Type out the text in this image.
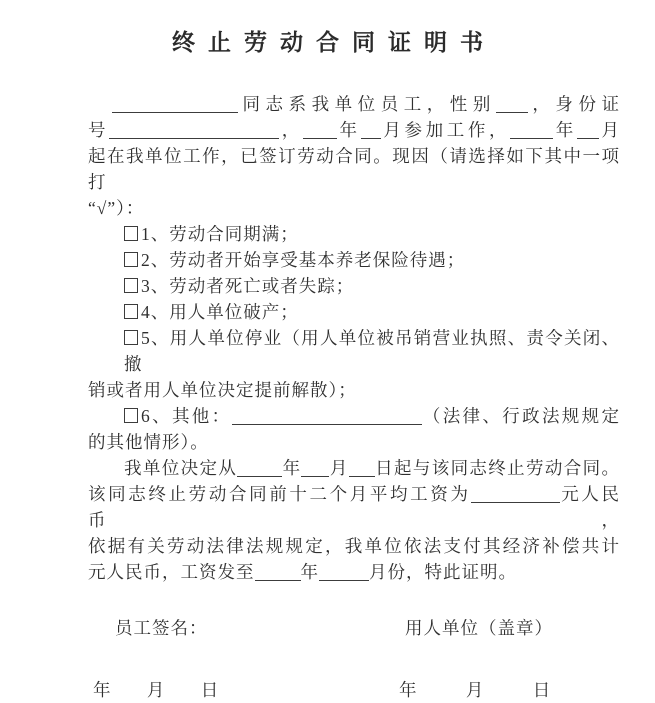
终止劳动合同证明书
同志系我单位员工，性别 ，身份证
号	， 年 月参加工作， 年 月
起在我单位工作，已签订劳动合同。现因（请选择如下其中一项打
“√”）：
1、劳动合同期满；
2、劳动者开始享受基本养老保险待遇；
3、劳动者死亡或者失踪；
4、用人单位破产；
5、用人单位停业（用人单位被吊销营业执照、责令关闭、撤
销或者用人单位决定提前解散）；
6、其他：	（法律、行政法规规定
的其他情形）。
我单位决定从	年 月 日起与该同志终止劳动合同。
该同志终止劳动合同前十二个月平均工资为	元人民币，
依据有关劳动法律法规规定，我单位依法支付其经济补偿共计
元人民币，工资发至	年	月份，特此证明。
员工签名：	用人单位（盖章）
年 月 日	年	月	日
